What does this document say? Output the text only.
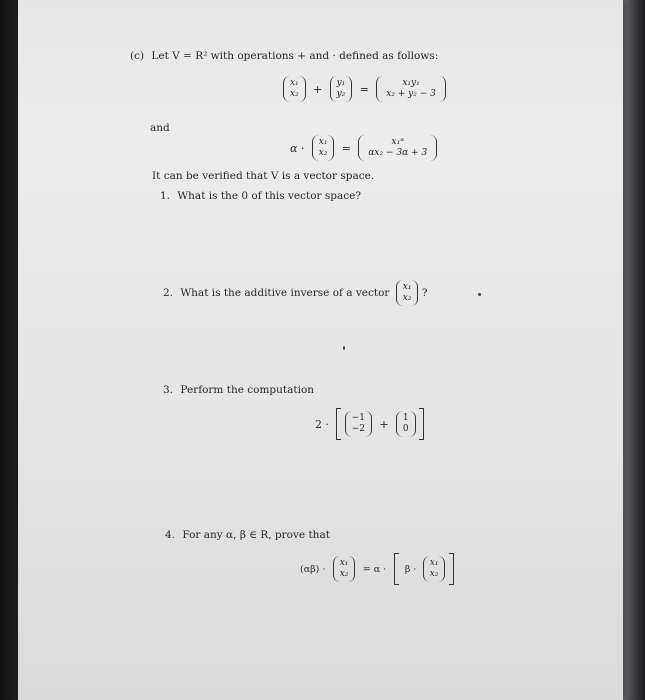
(c) Let V = R² with operations + and · defined as follows:
x₁
x₂ + y₁
y₂ =	x₁y₁
x₂ + y₂ − 3
and
α · x₁
x₂ =	x₁ᵅ
αx₂ − 3α + 3
It can be verified that V is a vector space.
1. What is the 0 of this vector space?
2. What is the additive inverse of a vector x₁
x₂ ?
3. Perform the computation
2 ·	−1
−2 + 1
0

4. For any α, β ∈ R, prove that
(αβ) ·
x₁
x₂ = α · β ·
x₁
x₂
